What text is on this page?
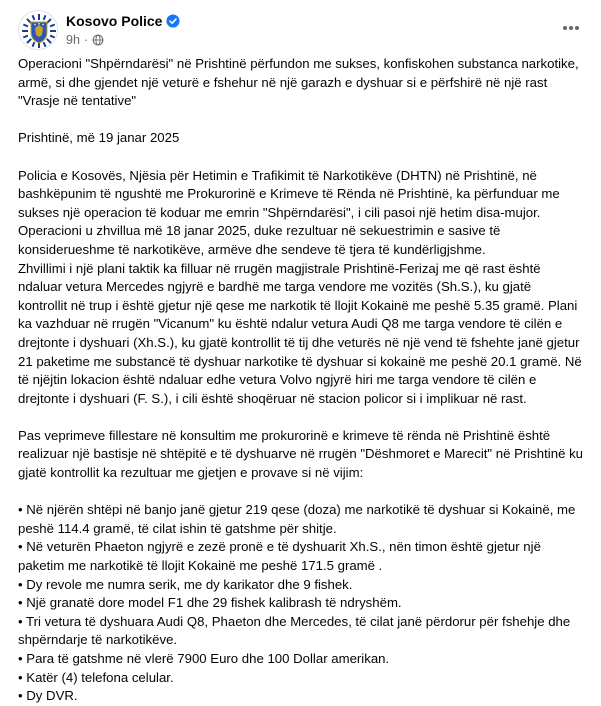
Kosovo Police
9h ·

Operacioni "Shpërndarësi" në Prishtinë përfundon me sukses, konfiskohen substanca narkotike, armë, si dhe gjendet një veturë e fshehur në një garazh e dyshuar si e përfshirë në një rast "Vrasje në tentative"

Prishtinë, më 19 janar 2025

Policia e Kosovës, Njësia për Hetimin e Trafikimit të Narkotikëve (DHTN) në Prishtinë, në bashkëpunim të ngushtë me Prokurorinë e Krimeve të Rënda në Prishtinë, ka përfunduar me sukses një operacion të koduar me emrin "Shpërndarësi", i cili pasoi një hetim disa-mujor. Operacioni u zhvillua më 18 janar 2025, duke rezultuar në sekuestrimin e sasive të konsiderueshme të narkotikëve, armëve dhe sendeve të tjera të kundërligjshme.

Zhvillimi i një plani taktik ka filluar në rrugën magjistrale Prishtinë-Ferizaj me që rast është ndaluar vetura Mercedes ngjyrë e bardhë me targa vendore me vozitës (Sh.S.), ku gjatë kontrollit në trup i është gjetur një qese me narkotik të llojit Kokainë me peshë 5.35 gramë. Plani ka vazhduar në rrugën "Vicanum" ku është ndalur vetura Audi Q8 me targa vendore të cilën e drejtonte i dyshuari (Xh.S.), ku gjatë kontrollit të tij dhe veturës në një vend të fshehte janë gjetur 21 paketime me substancë të dyshuar narkotike të dyshuar si kokainë me peshë 20.1 gramë. Në të njëjtin lokacion është ndaluar edhe vetura Volvo ngjyrë hiri me targa vendore të cilën e drejtonte i dyshuari (F. S.), i cili është shoqëruar në stacion policor si i implikuar në rast.

Pas veprimeve fillestare në konsultim me prokurorinë e krimeve të rënda në Prishtinë është realizuar një bastisje në shtëpitë e të dyshuarve në rrugën "Dëshmoret e Marecit" në Prishtinë ku gjatë kontrollit ka rezultuar me gjetjen e provave si në vijim:

• Në njërën shtëpi në banjo janë gjetur 219 qese (doza) me narkotikë të dyshuar si Kokainë, me peshë 114.4 gramë, të cilat ishin të gatshme për shitje.

• Në veturën Phaeton ngjyrë e zezë pronë e të dyshuarit Xh.S., nën timon është gjetur një paketim me narkotikë të llojit Kokainë me peshë 171.5 gramë .

• Dy revole me numra serik, me dy karikator dhe 9 fishek.

• Një granatë dore model F1 dhe 29 fishek kalibrash të ndryshëm.

• Tri vetura të dyshuara Audi Q8, Phaeton dhe Mercedes, të cilat janë përdorur për fshehje dhe shpërndarje të narkotikëve.

• Para të gatshme në vlerë 7900 Euro dhe 100 Dollar amerikan.

• Katër (4) telefona celular.

• Dy DVR.
